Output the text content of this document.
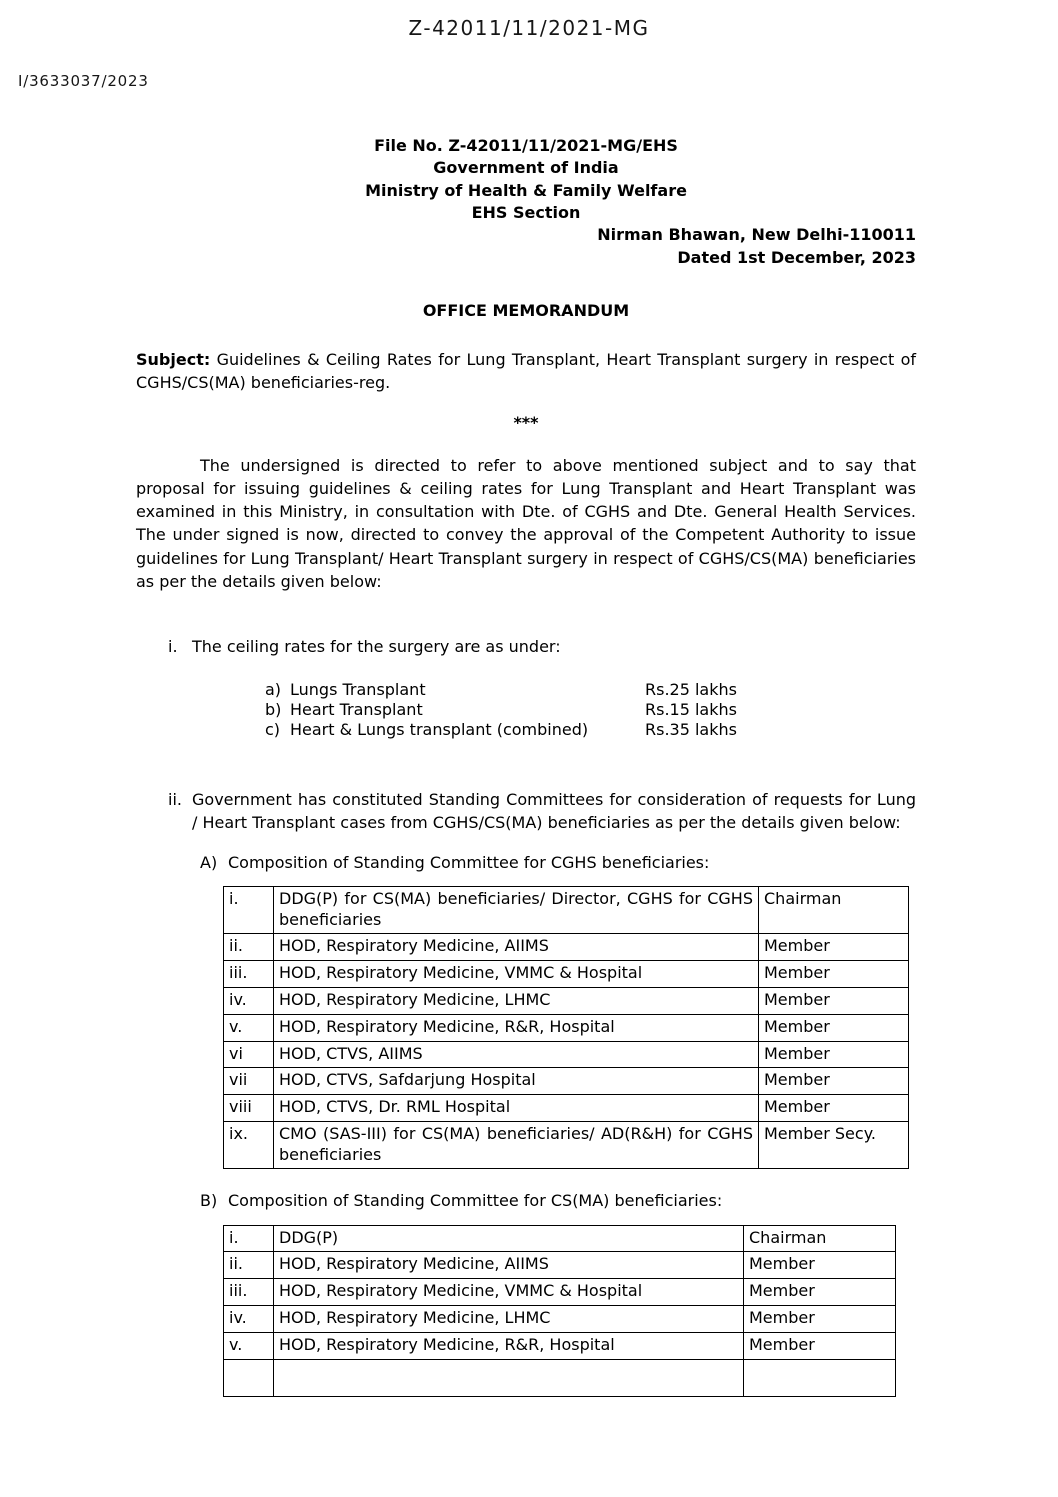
Z-42011/11/2021-MG
I/3633037/2023
File No. Z-42011/11/2021-MG/EHS
Government of India
Ministry of Health & Family Welfare
EHS Section
Nirman Bhawan, New Delhi-110011
Dated 1st December, 2023
OFFICE MEMORANDUM

Subject: Guidelines & Ceiling Rates for Lung Transplant, Heart Transplant surgery in respect of CGHS/CS(MA) beneficiaries-reg.

***

The undersigned is directed to refer to above mentioned subject and to say that proposal for issuing guidelines & ceiling rates for Lung Transplant and Heart Transplant was examined in this Ministry, in consultation with Dte. of CGHS and Dte. General Health Services. The under signed is now, directed to convey the approval of the Competent Authority to issue guidelines for Lung Transplant/ Heart Transplant surgery in respect of CGHS/CS(MA) beneficiaries as per the details given below:

i. The ceiling rates for the surgery are as under:
a) Lungs Transplant	Rs.25 lakhs
b) Heart Transplant	Rs.15 lakhs
c) Heart & Lungs transplant (combined)	Rs.35 lakhs
ii. Government has constituted Standing Committees for consideration of requests for Lung / Heart Transplant cases from CGHS/CS(MA) beneficiaries as per the details given below:
A) Composition of Standing Committee for CGHS beneficiaries:
i.	DDG(P) for CS(MA) beneficiaries/ Director, CGHS for CGHS beneficiaries	Chairman
ii.	HOD, Respiratory Medicine, AIIMS	Member
iii.	HOD, Respiratory Medicine, VMMC & Hospital	Member
iv.	HOD, Respiratory Medicine, LHMC	Member
v.	HOD, Respiratory Medicine, R&R, Hospital	Member
vi	HOD, CTVS, AIIMS	Member
vii	HOD, CTVS, Safdarjung Hospital	Member
viii	HOD, CTVS, Dr. RML Hospital	Member
ix.	CMO (SAS-III) for CS(MA) beneficiaries/ AD(R&H) for CGHS beneficiaries	Member Secy.
B) Composition of Standing Committee for CS(MA) beneficiaries:
i.	DDG(P)	Chairman
ii.	HOD, Respiratory Medicine, AIIMS	Member
iii.	HOD, Respiratory Medicine, VMMC & Hospital	Member
iv.	HOD, Respiratory Medicine, LHMC	Member
v.	HOD, Respiratory Medicine, R&R, Hospital	Member
